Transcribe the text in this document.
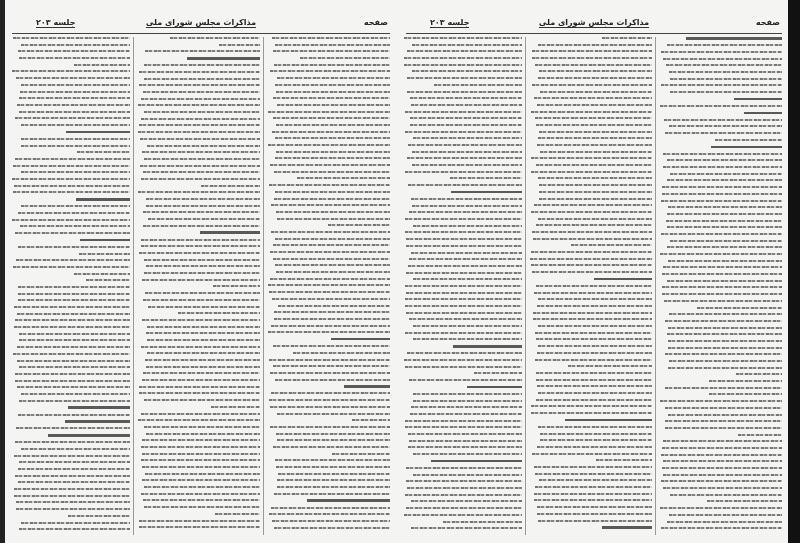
صفحه
مذاکرات مجلس شورای ملی
جلسه ۲۰۳	صفحه
مذاکرات مجلس شورای ملی
جلسه ۲۰۳
